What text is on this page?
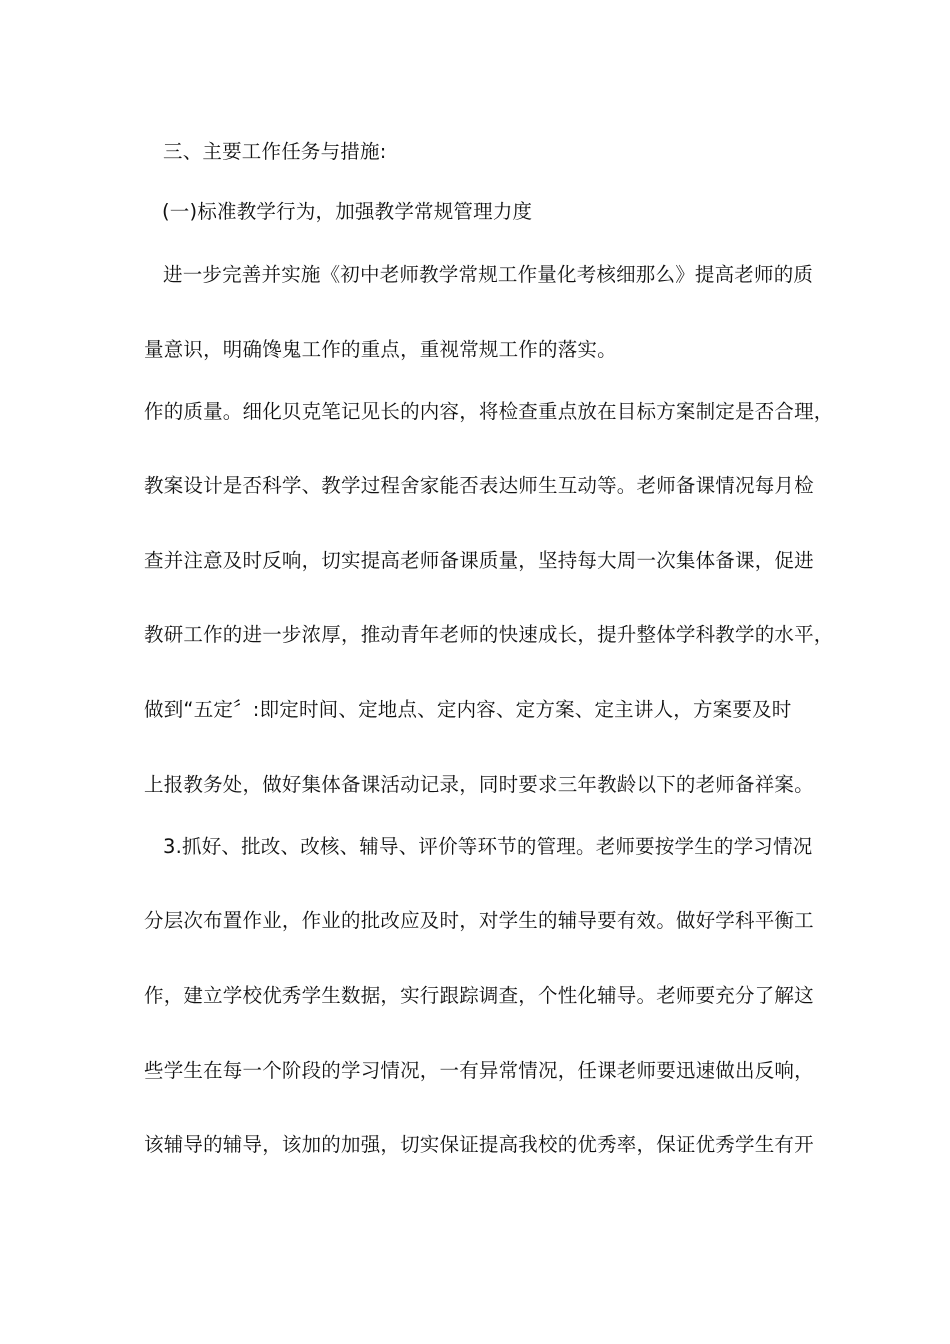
三、主要工作任务与措施:
(一)标准教学行为，加强教学常规管理力度
进一步完善并实施《初中老师教学常规工作量化考核细那么》提高老师的质
量意识，明确馋鬼工作的重点，重视常规工作的落实。
作的质量。细化贝克笔记见长的内容，将检查重点放在目标方案制定是否合理，
教案设计是否科学、教学过程舍家能否表达师生互动等。老师备课情况每月检
查并注意及时反响，切实提高老师备课质量，坚持每大周一次集体备课，促进
教研工作的进一步浓厚，推动青年老师的快速成长，提升整体学科教学的水平，
做到“五定〞:即定时间、定地点、定内容、定方案、定主讲人，方案要及时
上报教务处，做好集体备课活动记录，同时要求三年教龄以下的老师备祥案。
3.抓好、批改、改核、辅导、评价等环节的管理。老师要按学生的学习情况
分层次布置作业，作业的批改应及时，对学生的辅导要有效。做好学科平衡工
作，建立学校优秀学生数据，实行跟踪调查，个性化辅导。老师要充分了解这
些学生在每一个阶段的学习情况，一有异常情况，任课老师要迅速做出反响，
该辅导的辅导，该加的加强，切实保证提高我校的优秀率，保证优秀学生有开
